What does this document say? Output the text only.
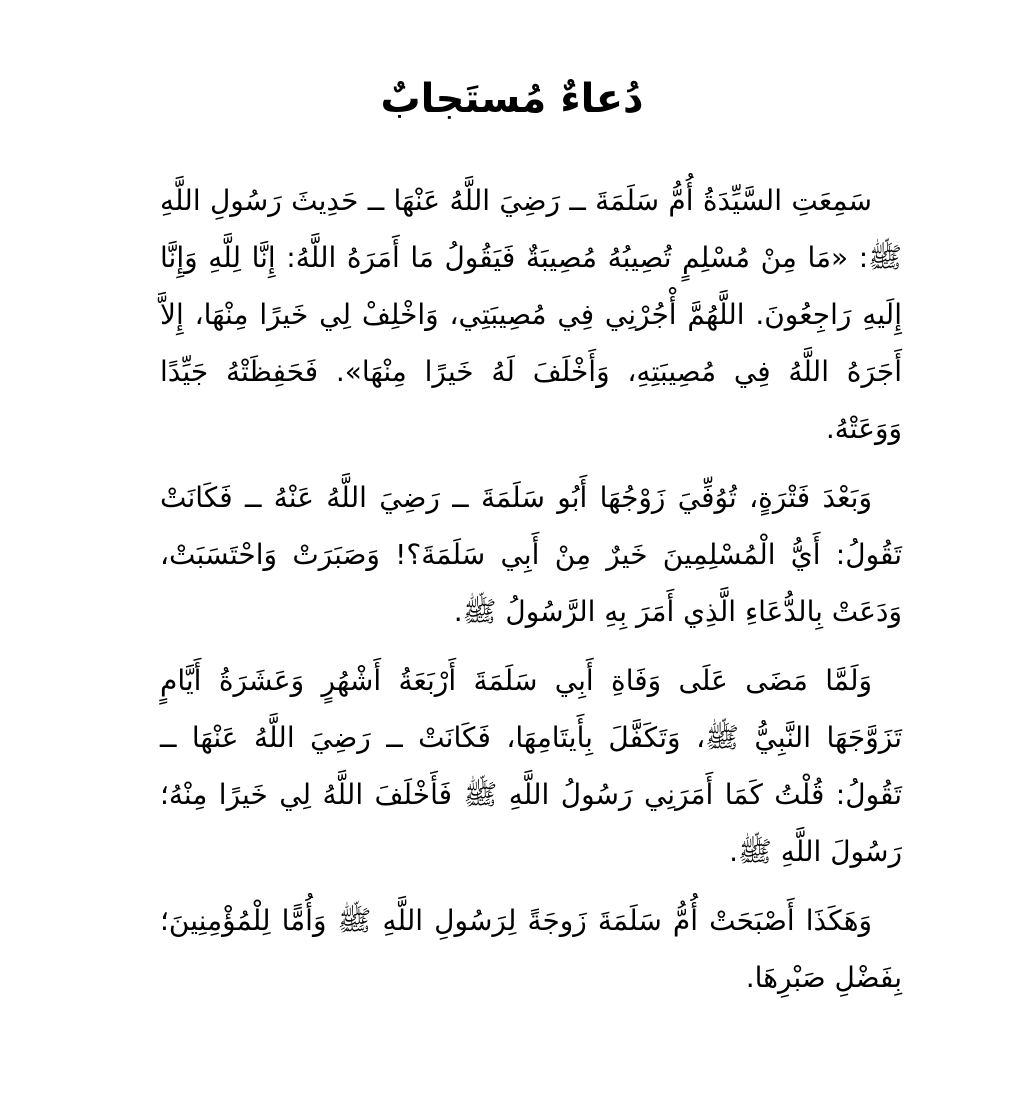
دُعاءٌ مُستَجابٌ

سَمِعَتِ السَّيِّدَةُ أُمُّ سَلَمَةَ ــ رَضِيَ اللَّهُ عَنْهَا ــ حَدِيثَ رَسُولِ اللَّهِ ﷺ: «مَا مِنْ مُسْلِمٍ تُصِيبُهُ مُصِيبَةٌ فَيَقُولُ مَا أَمَرَهُ اللَّهُ: إِنَّا لِلَّهِ وَإِنَّا إِلَيهِ رَاجِعُونَ. اللَّهُمَّ أْجُرْنِي فِي مُصِيبَتِي، وَاخْلِفْ لِي خَيرًا مِنْهَا، إِلاَّ أَجَرَهُ اللَّهُ فِي مُصِيبَتِهِ، وَأَخْلَفَ لَهُ خَيرًا مِنْهَا». فَحَفِظَتْهُ جَيِّدًا وَوَعَتْهُ.

وَبَعْدَ فَتْرَةٍ، تُوُفِّيَ زَوْجُهَا أَبُو سَلَمَةَ ــ رَضِيَ اللَّهُ عَنْهُ ــ فَكَانَتْ تَقُولُ: أَيُّ الْمُسْلِمِينَ خَيرٌ مِنْ أَبِي سَلَمَةَ؟! وَصَبَرَتْ وَاحْتَسَبَتْ، وَدَعَتْ بِالدُّعَاءِ الَّذِي أَمَرَ بِهِ الرَّسُولُ ﷺ.

وَلَمَّا مَضَى عَلَى وَفَاةِ أَبِي سَلَمَةَ أَرْبَعَةُ أَشْهُرٍ وَعَشَرَةُ أَيَّامٍ تَزَوَّجَهَا النَّبِيُّ ﷺ، وَتَكَفَّلَ بِأَيتَامِهَا، فَكَانَتْ ــ رَضِيَ اللَّهُ عَنْهَا ــ تَقُولُ: قُلْتُ كَمَا أَمَرَنِي رَسُولُ اللَّهِ ﷺ فَأَخْلَفَ اللَّهُ لِي خَيرًا مِنْهُ؛ رَسُولَ اللَّهِ ﷺ.

وَهَكَذَا أَصْبَحَتْ أُمُّ سَلَمَةَ زَوجَةً لِرَسُولِ اللَّهِ ﷺ وَأُمًّا لِلْمُؤْمِنِينَ؛ بِفَضْلِ صَبْرِهَا.
